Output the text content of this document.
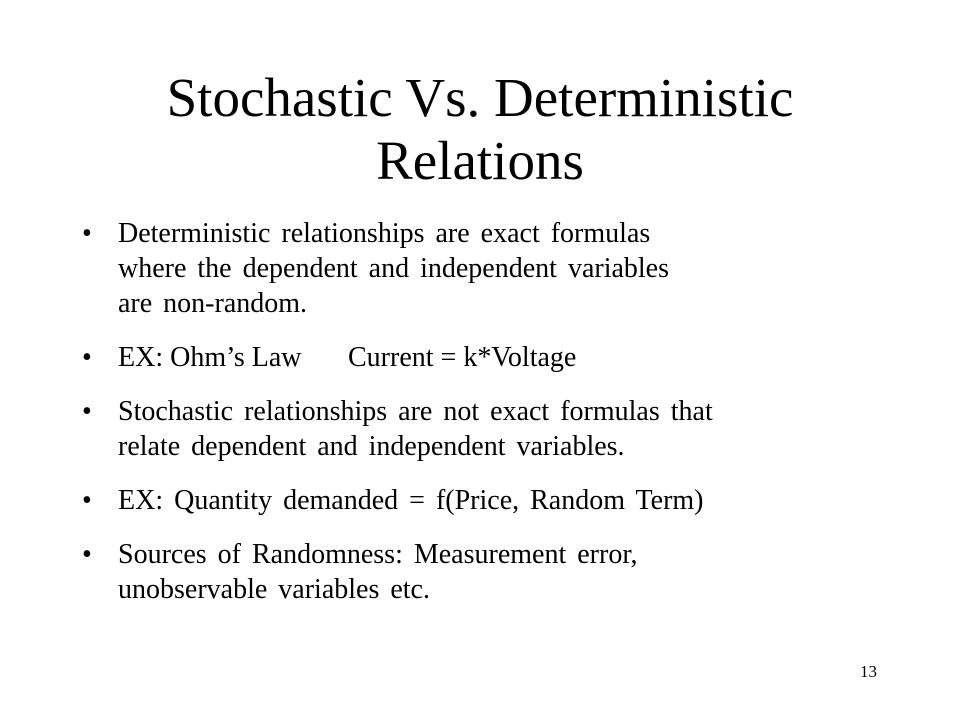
Stochastic Vs. Deterministic
Relations
• Deterministic relationships are exact formulas
where the dependent and independent variables
are non-random.
• EX: Ohm’s Law Current = k*Voltage
• Stochastic relationships are not exact formulas that
relate dependent and independent variables.
• EX: Quantity demanded = f(Price, Random Term)
• Sources of Randomness: Measurement error,
unobservable variables etc.
13
